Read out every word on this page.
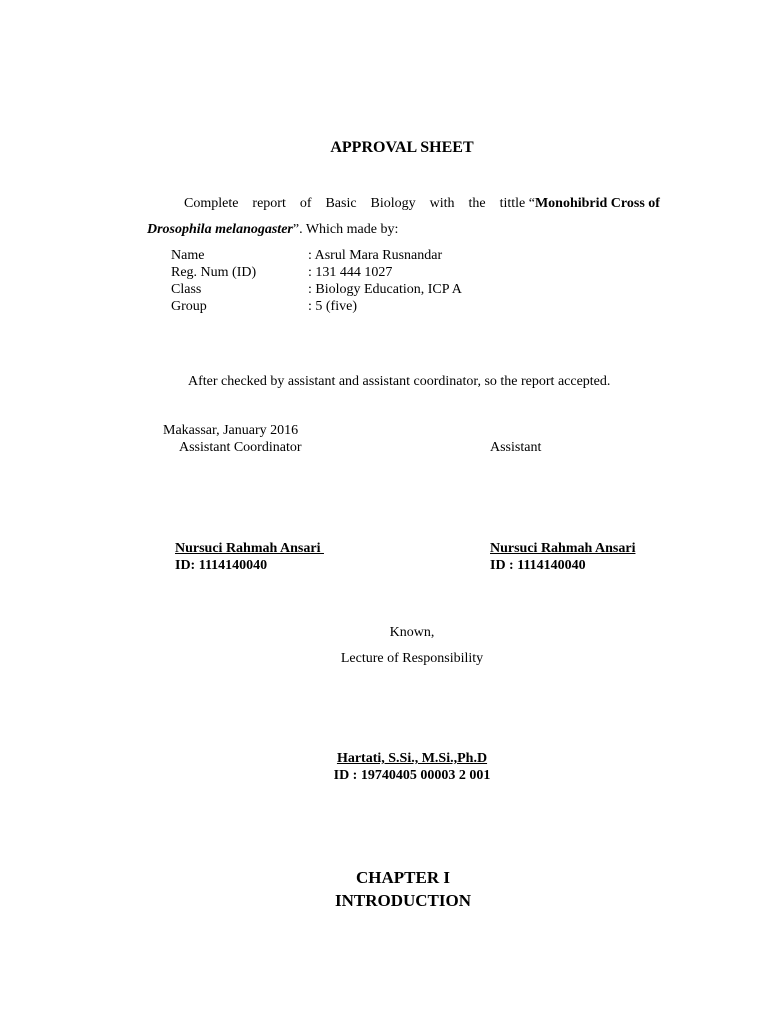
APPROVAL SHEET
Complete report of Basic Biology with the tittle “Monohibrid Cross of
Drosophila melanogaster”. Which made by:
Name	: Asrul Mara Rusnandar
Reg. Num (ID)	: 131 444 1027
Class	: Biology Education, ICP A
Group	: 5 (five)
After checked by assistant and assistant coordinator, so the report accepted.
Makassar, January 2016
Assistant Coordinator	Assistant
Nursuci Rahmah Ansari
ID: 1114140040
Nursuci Rahmah Ansari
ID : 1114140040
Known,
Lecture of Responsibility
Hartati, S.Si., M.Si.,Ph.D
ID : 19740405 00003 2 001
CHAPTER I
INTRODUCTION
